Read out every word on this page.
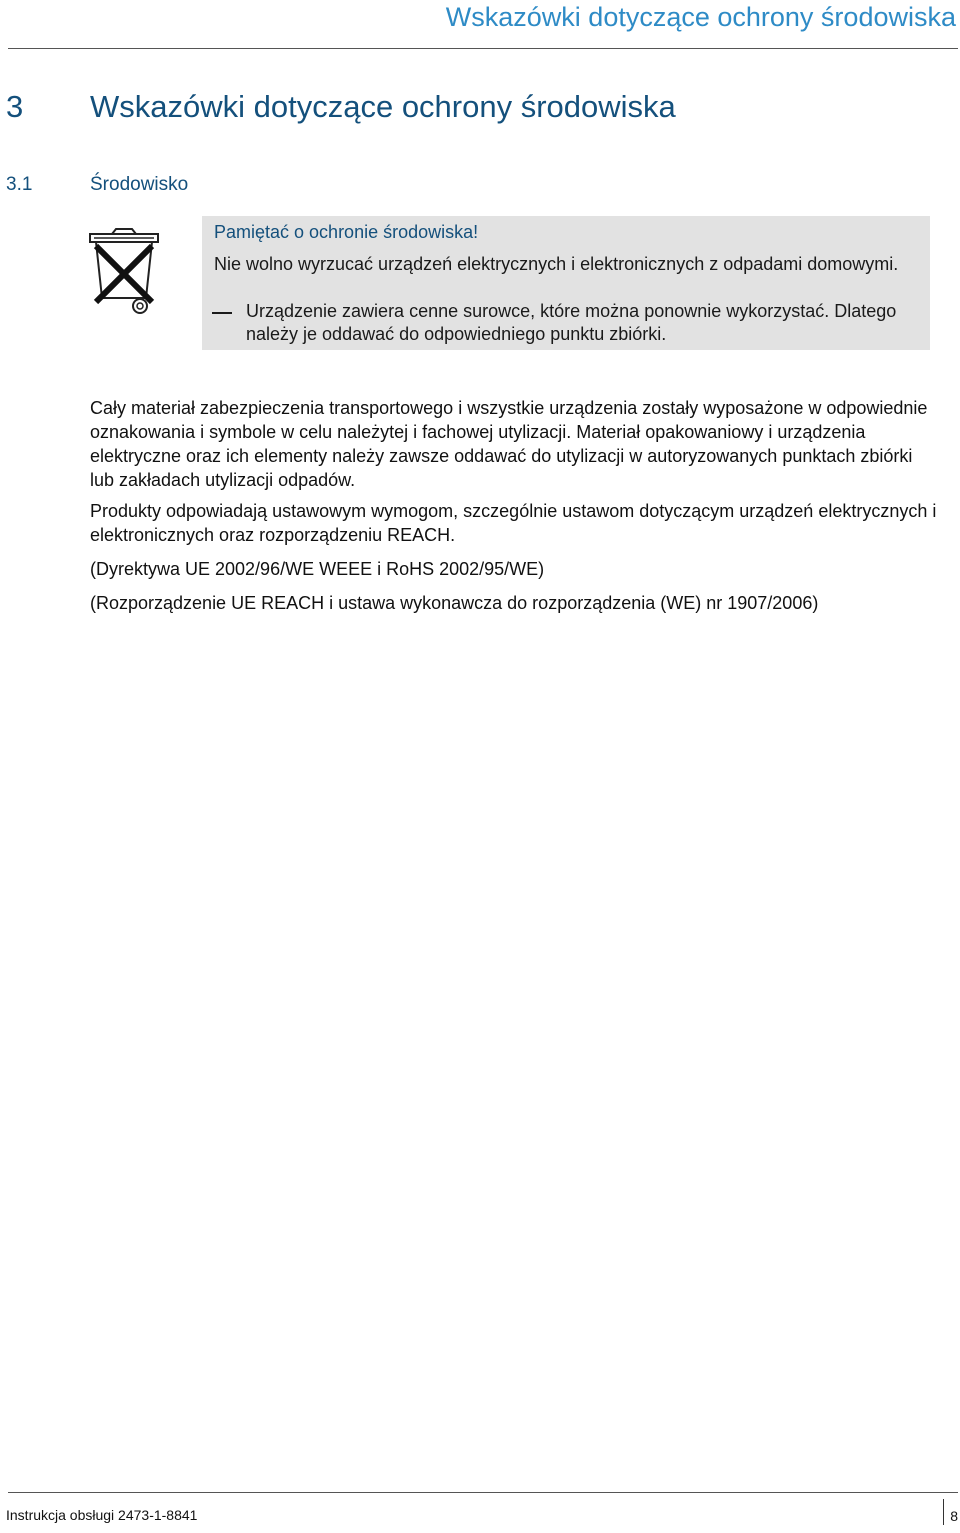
Wskazówki dotyczące ochrony środowiska
3 Wskazówki dotyczące ochrony środowiska
3.1	Środowisko
Pamiętać o ochronie środowiska!
Nie wolno wyrzucać urządzeń elektrycznych i elektronicznych z odpadami domowymi.
Urządzenie zawiera cenne surowce, które można ponownie wykorzystać. Dlatego należy je oddawać do odpowiedniego punktu zbiórki.
Cały materiał zabezpieczenia transportowego i wszystkie urządzenia zostały wyposażone w odpowiednie oznakowania i symbole w celu należytej i fachowej utylizacji. Materiał opakowaniowy i urządzenia elektryczne oraz ich elementy należy zawsze oddawać do utylizacji w autoryzowanych punktach zbiórki lub zakładach utylizacji odpadów.
Produkty odpowiadają ustawowym wymogom, szczególnie ustawom dotyczącym urządzeń elektrycznych i elektronicznych oraz rozporządzeniu REACH.
(Dyrektywa UE 2002/96/WE WEEE i RoHS 2002/95/WE)
(Rozporządzenie UE REACH i ustawa wykonawcza do rozporządzenia (WE) nr 1907/2006)
Instrukcja obsługi 2473-1-8841	8
